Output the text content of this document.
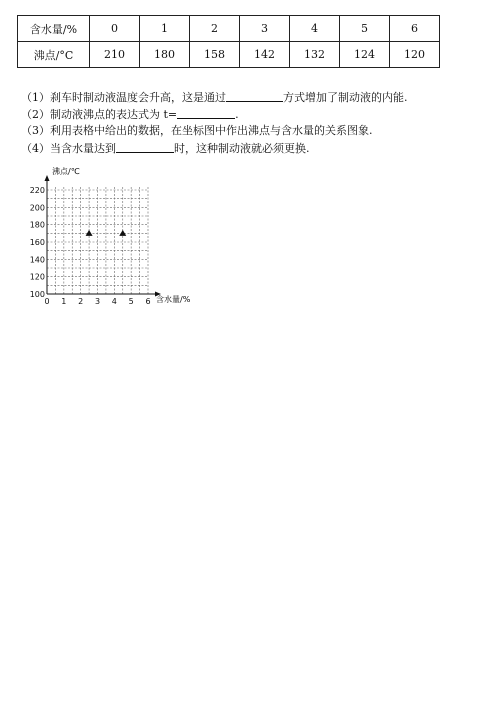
含水量/%	0	1	2	3	4	5	6
沸点/°C	210	180	158	142	132	124	120
（1）刹车时制动液温度会升高，这是通过	方式增加了制动液的内能.
（2）制动液沸点的表达式为 t=	.
（3）利用表格中给出的数据，在坐标图中作出沸点与含水量的关系图象.
（4）当含水量达到	时，这种制动液就必须更换.
0 1 2 3 4 5 6
100
120
140
160
180
200
220
沸点/℃
含水量/%
